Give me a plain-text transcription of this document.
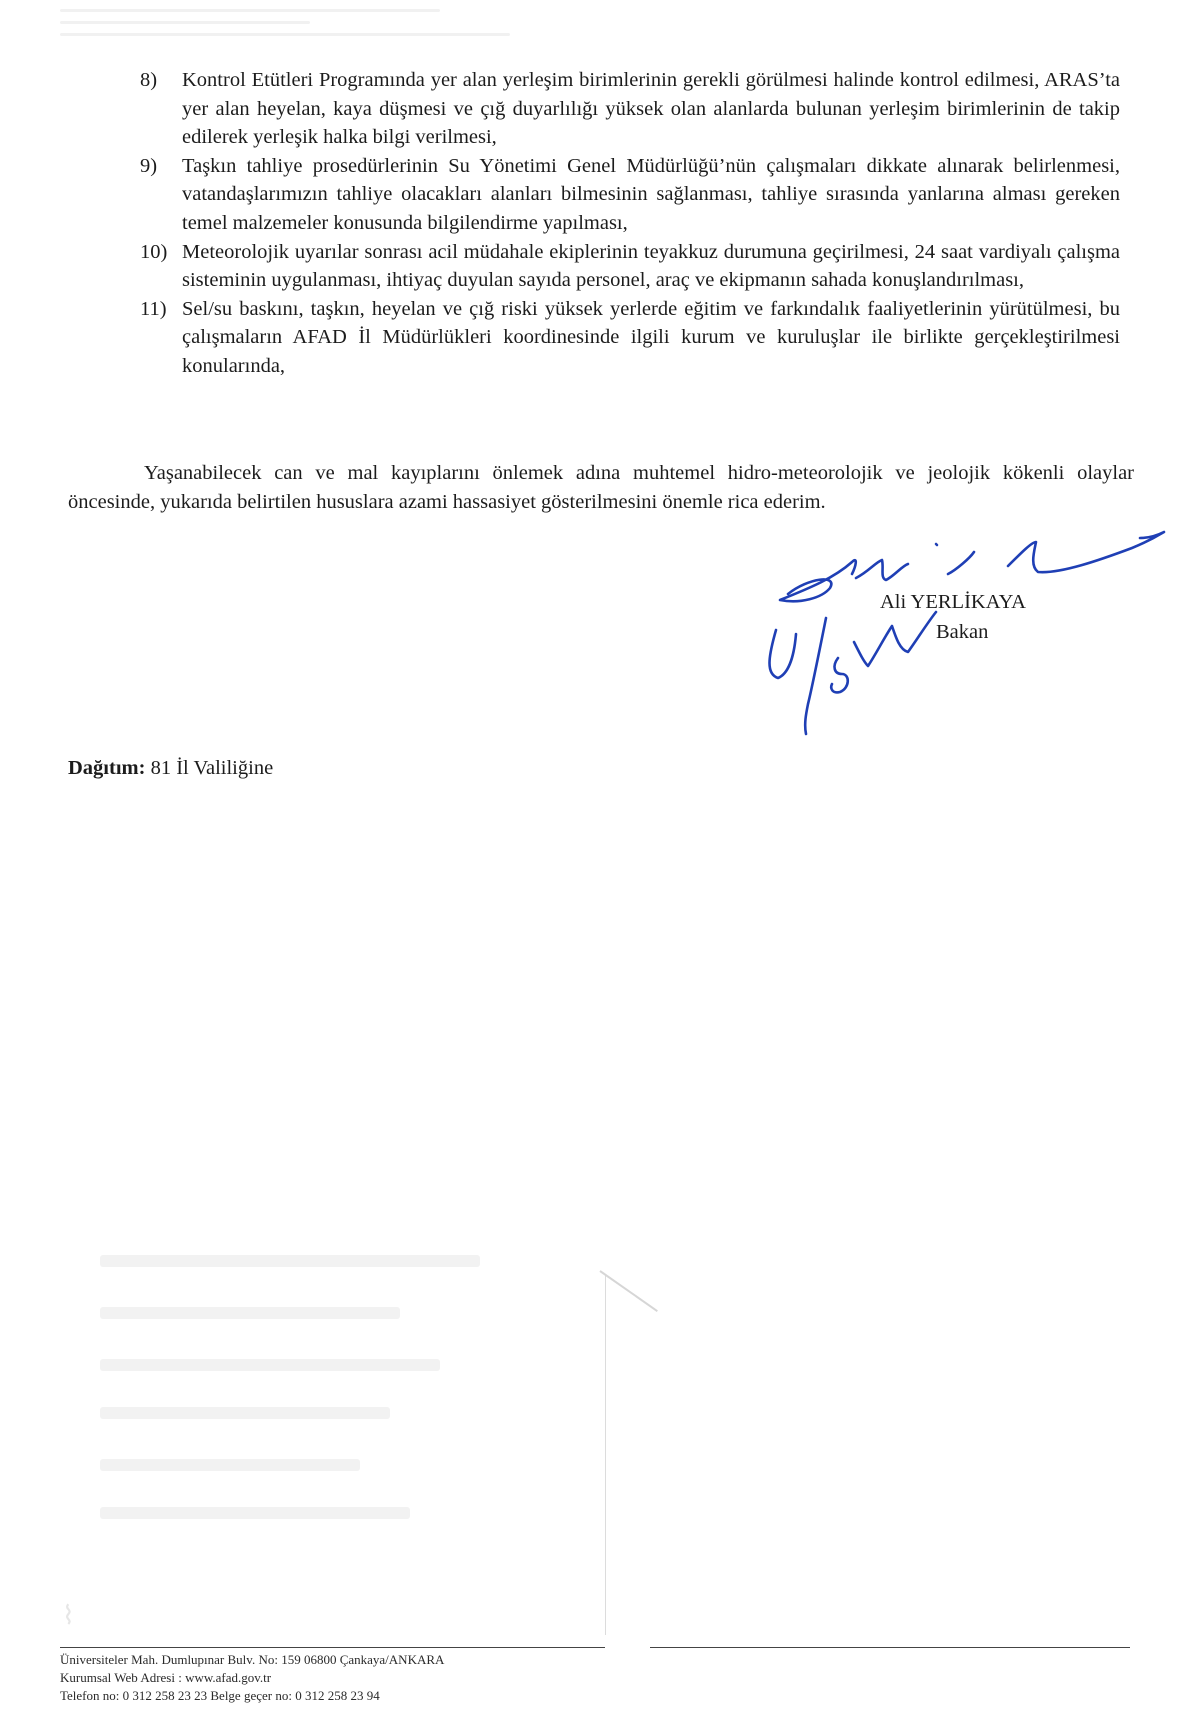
8)	Kontrol Etütleri Programında yer alan yerleşim birimlerinin gerekli görülmesi halinde kontrol edilmesi, ARAS’ta yer alan heyelan, kaya düşmesi ve çığ duyarlılığı yüksek olan alanlarda bulunan yerleşim birimlerinin de takip edilerek yerleşik halka bilgi verilmesi,
9)	Taşkın tahliye prosedürlerinin Su Yönetimi Genel Müdürlüğü’nün çalışmaları dikkate alınarak belirlenmesi, vatandaşlarımızın tahliye olacakları alanları bilmesinin sağlanması, tahliye sırasında yanlarına alması gereken temel malzemeler konusunda bilgilendirme yapılması,
10) Meteorolojik uyarılar sonrası acil müdahale ekiplerinin teyakkuz durumuna geçirilmesi, 24 saat vardiyalı çalışma sisteminin uygulanması, ihtiyaç duyulan sayıda personel, araç ve ekipmanın sahada konuşlandırılması,
11) Sel/su baskını, taşkın, heyelan ve çığ riski yüksek yerlerde eğitim ve farkındalık faaliyetlerinin yürütülmesi, bu çalışmaların AFAD İl Müdürlükleri koordinesinde ilgili kurum ve kuruluşlar ile birlikte gerçekleştirilmesi konularında,

Yaşanabilecek can ve mal kayıplarını önlemek adına muhtemel hidro-meteorolojik ve jeolojik kökenli olaylar öncesinde, yukarıda belirtilen hususlara azami hassasiyet gösterilmesini önemle rica ederim.

Ali YERLİKAYA
Bakan
Dağıtım: 81 İl Valiliğine
⌇
Üniversiteler Mah. Dumlupınar Bulv. No: 159 06800 Çankaya/ANKARA
Kurumsal Web Adresi : www.afad.gov.tr
Telefon no: 0 312 258 23 23 Belge geçer no: 0 312 258 23 94
